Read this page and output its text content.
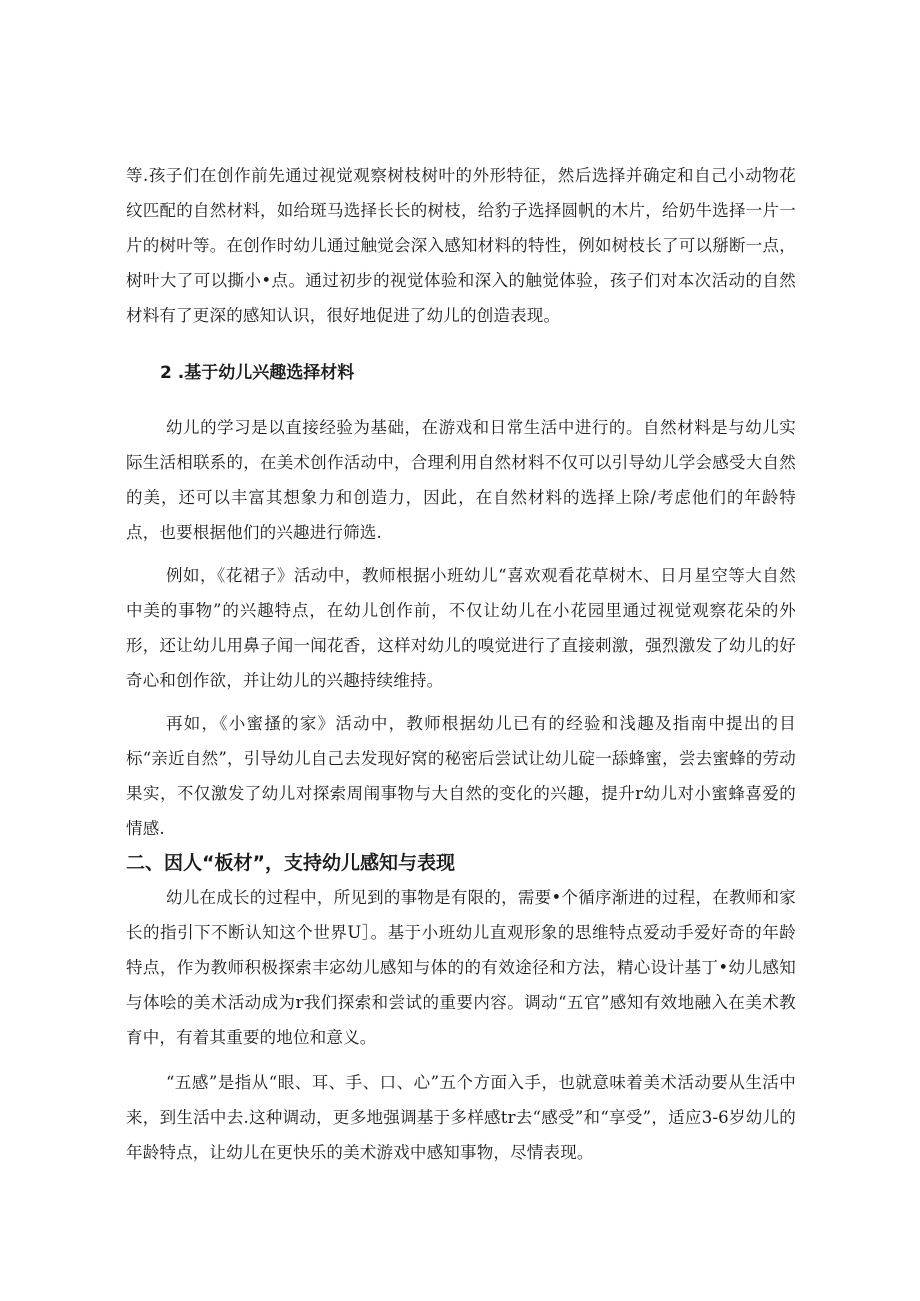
等.孩子们在创作前先通过视觉观察树枝树叶的外形特征，然后选择并确定和自己小动物花纹匹配的自然材料，如给斑马选择长长的树枝，给豹子选择圆帆的木片，给奶牛选择一片一片的树叶等。在创作时幼儿通过触觉会深入感知材料的特性，例如树枝长了可以掰断一点，树叶大了可以撕小•点。通过初步的视觉体验和深入的触觉体验，孩子们对本次活动的自然材料有了更深的感知认识，很好地促进了幼儿的创造表现。

2 .基于幼儿兴趣选择材料

幼儿的学习是以直接经验为基础，在游戏和日常生活中进行的。自然材料是与幼儿实际生活相联系的，在美术创作活动中，合理利用自然材料不仅可以引导幼儿学会感受大自然的美，还可以丰富其想象力和创造力，因此，在自然材料的选择上除/考虑他们的年龄特点，也要根据他们的兴趣进行筛选.

例如，《花裙子》活动中，教师根据小班幼儿“喜欢观看花草树木、日月星空等大自然中美的事物”的兴趣特点，在幼儿创作前，不仅让幼儿在小花园里通过视觉观察花朵的外形，还让幼儿用鼻子闻一闻花香，这样对幼儿的嗅觉进行了直接刺激，强烈激发了幼儿的好奇心和创作欲，并让幼儿的兴趣持续维持。

再如，《小蜜搔的家》活动中，教师根据幼儿已有的经验和浅趣及指南中提出的目标“亲近自然”，引导幼儿自己去发现好窝的秘密后尝试让幼儿碇一舔蜂蜜，尝去蜜蜂的劳动果实，不仅激发了幼儿对探索周闱事物与大自然的变化的兴趣，提升r幼儿对小蜜蜂喜爱的情感.

二、因人“板材”，支持幼儿感知与表现

幼儿在成长的过程中，所见到的事物是有限的，需要•个循序渐进的过程，在教师和家长的指引下不断认知这个世界U］。基于小班幼儿直观形象的思维特点爱动手爱好奇的年龄特点，作为教师积极探索丰宓幼儿感知与体的的有效途径和方法，精心设计基丁•幼儿感知与体哙的美术活动成为r我们探索和尝试的重要内容。调动“五官”感知有效地融入在美术教育中，有着其重要的地位和意义。

“五感”是指从“眼、耳、手、口、心”五个方面入手，也就意味着美术活动要从生活中来，到生活中去.这种调动，更多地强调基于多样感tr去“感受”和“享受”，适应3-6岁幼儿的年龄特点，让幼儿在更快乐的美术游戏中感知事物，尽情表现。
